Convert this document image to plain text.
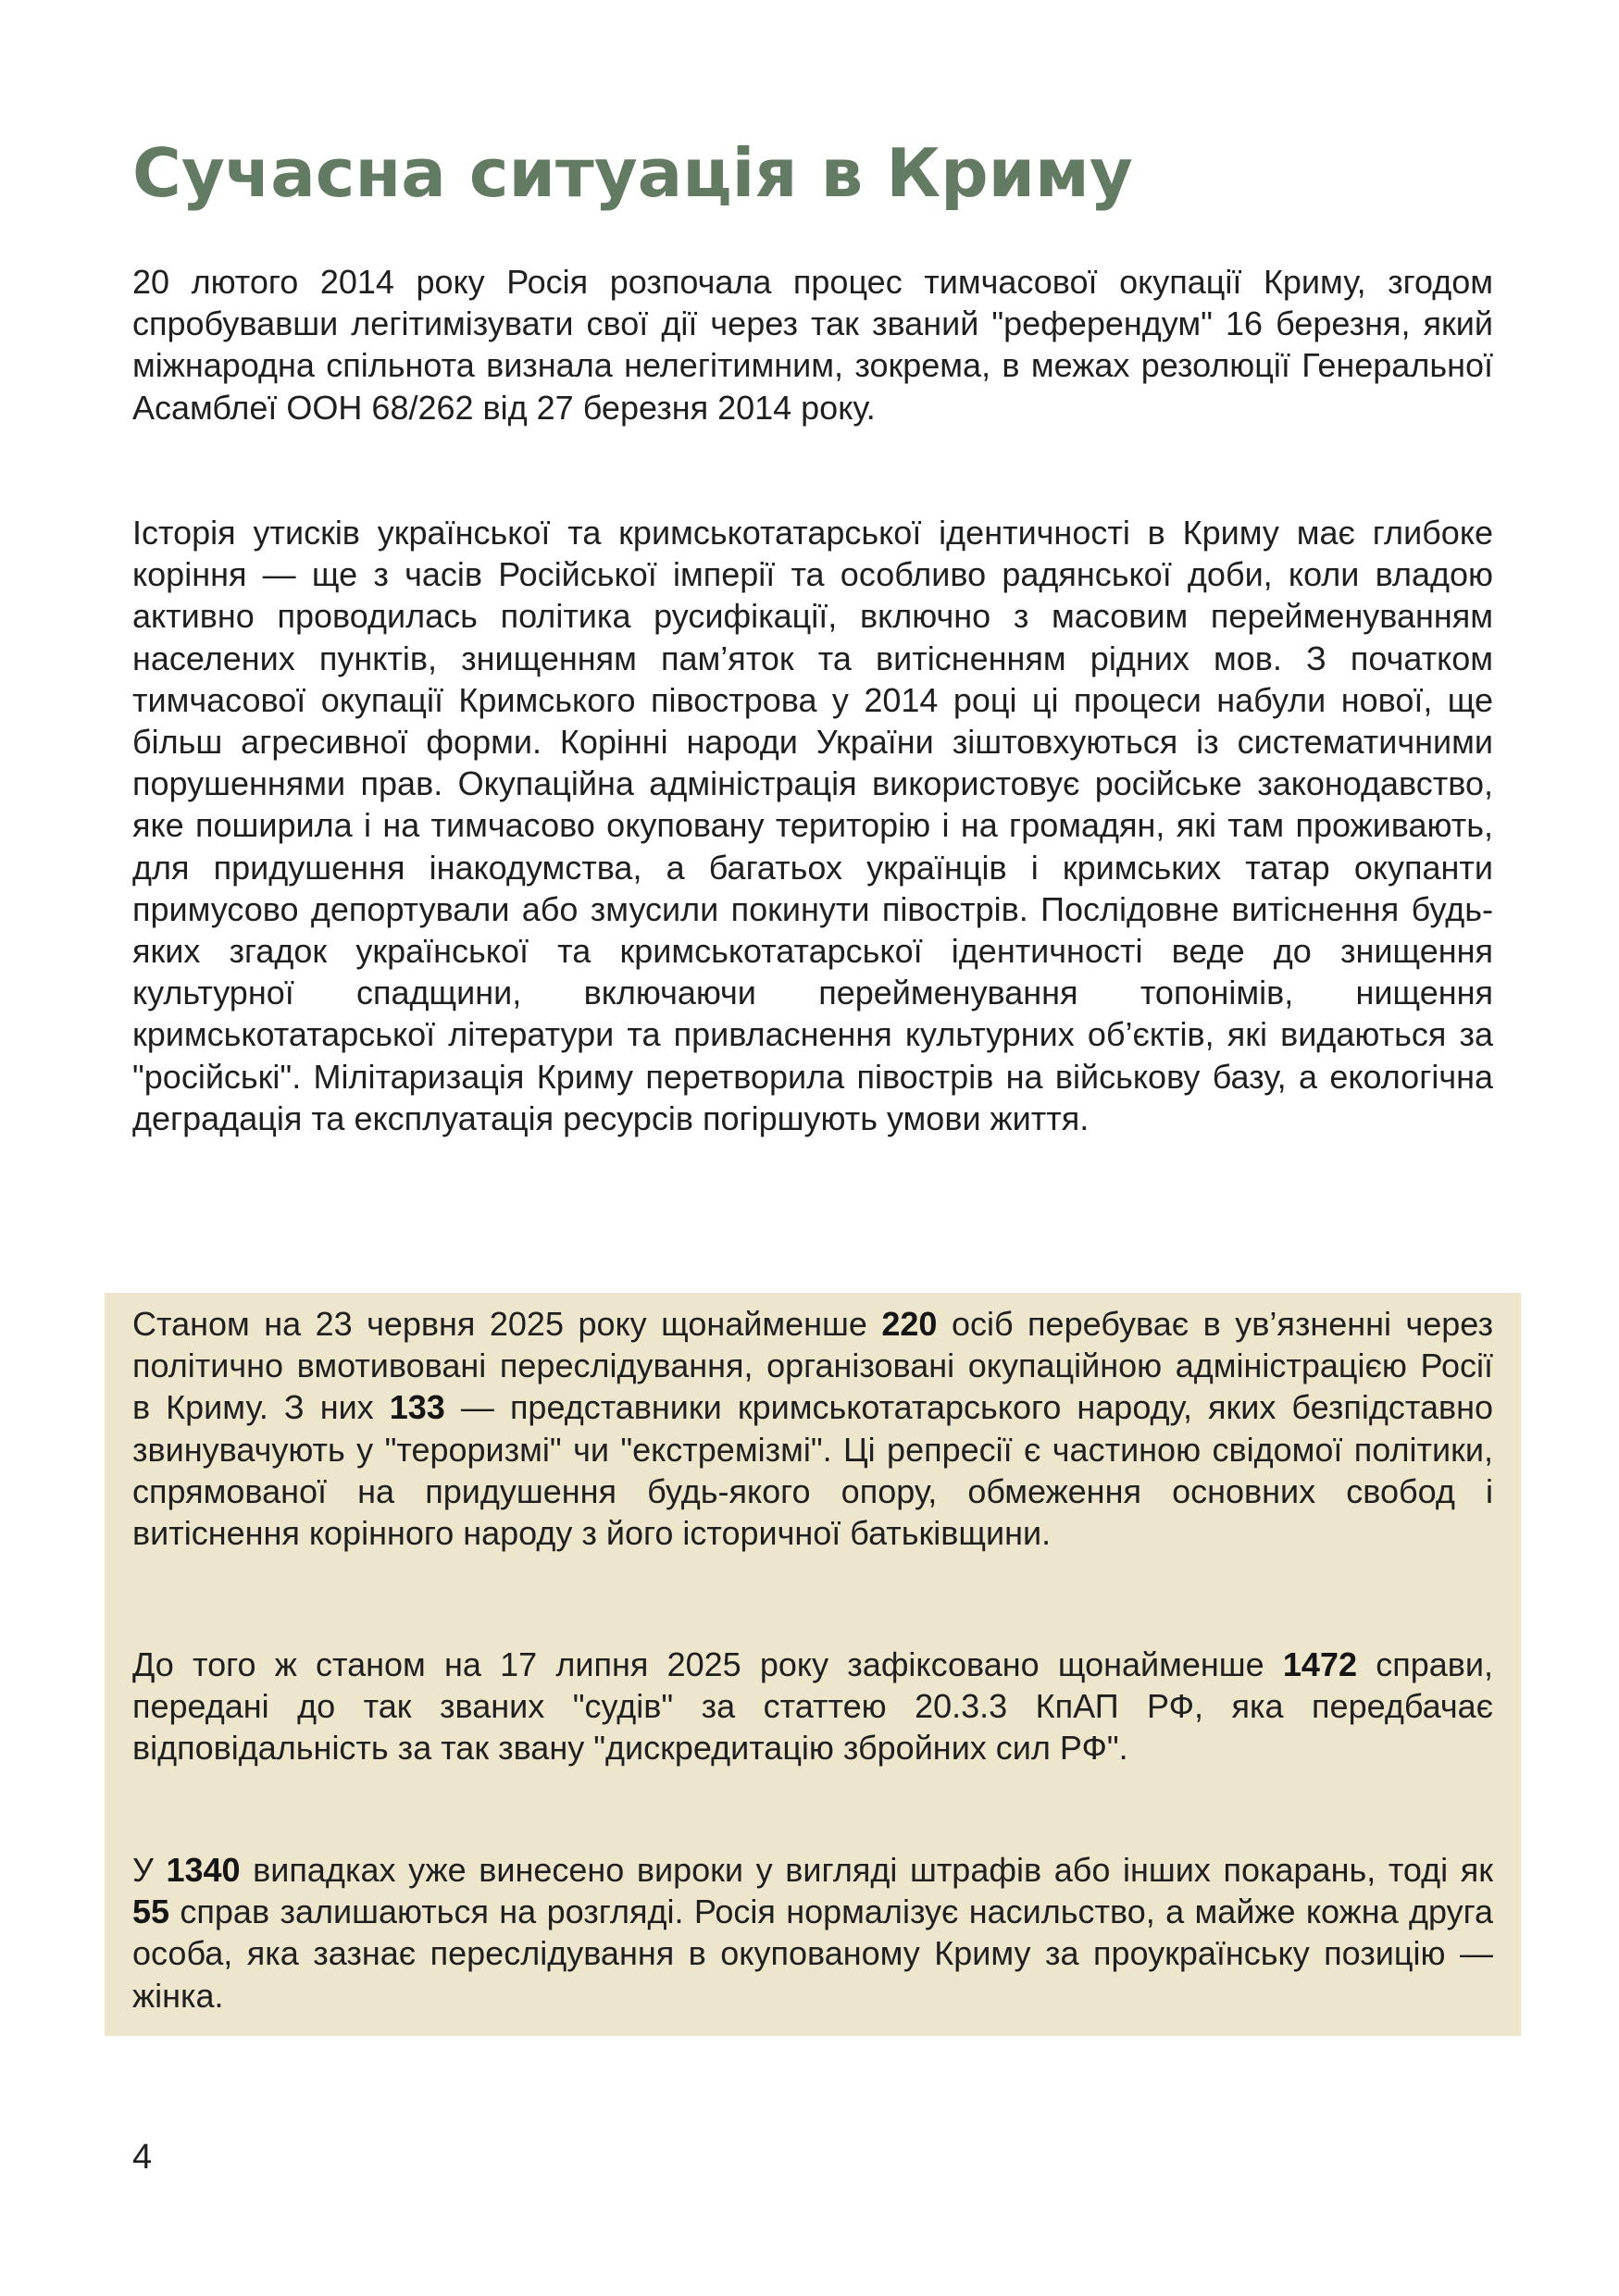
Сучасна ситуація в Криму

20 лютого 2014 року Росія розпочала процес тимчасової окупації Криму, згодом спробувавши легітимізувати свої дії через так званий "референдум" 16 березня, який міжнародна спільнота визнала нелегітимним, зокрема, в межах резолюції Генеральної Асамблеї ООН 68/262 від 27 березня 2014 року.

Історія утисків української та кримськотатарської ідентичності в Криму має глибоке коріння — ще з часів Російської імперії та особливо радянської доби, коли владою активно проводилась політика русифікації, включно з масовим перейменуванням населених пунктів, знищенням пам’яток та витісненням рідних мов. З початком тимчасової окупації Кримського півострова у 2014 році ці процеси набули нової, ще більш агресивної форми. Корінні народи України зіштовхуються із систематичними порушеннями прав. Окупаційна адміністрація використовує російське законодавство, яке поширила і на тимчасово окуповану територію і на громадян, які там проживають, для придушення інакодумства, а багатьох українців і кримських татар окупанти примусово депортували або змусили покинути півострів. Послідовне витіснення будь-яких згадок української та кримськотатарської ідентичності веде до знищення культурної спадщини, включаючи перейменування топонімів, нищення кримськотатарської літератури та привласнення культурних об’єктів, які видаються за "російські". Мілітаризація Криму перетворила півострів на військову базу, а екологічна деградація та експлуатація ресурсів погіршують умови життя.

Станом на 23 червня 2025 року щонайменше 220 осіб перебуває в ув’язненні через політично вмотивовані переслідування, організовані окупаційною адміністрацією Росії в Криму. З них 133 — представники кримськотатарського народу, яких безпідставно звинувачують у "тероризмі" чи "екстремізмі". Ці репресії є частиною свідомої політики, спрямованої на придушення будь-якого опору, обмеження основних свобод і витіснення корінного народу з його історичної батьківщини.

До того ж станом на 17 липня 2025 року зафіксовано щонайменше 1472 справи, передані до так званих "судів" за статтею 20.3.3 КпАП РФ, яка передбачає відповідальність за так звану "дискредитацію збройних сил РФ".

У 1340 випадках уже винесено вироки у вигляді штрафів або інших покарань, тоді як 55 справ залишаються на розгляді. Росія нормалізує насильство, а майже кожна друга особа, яка зазнає переслідування в окупованому Криму за проукраїнську позицію — жінка.

4
